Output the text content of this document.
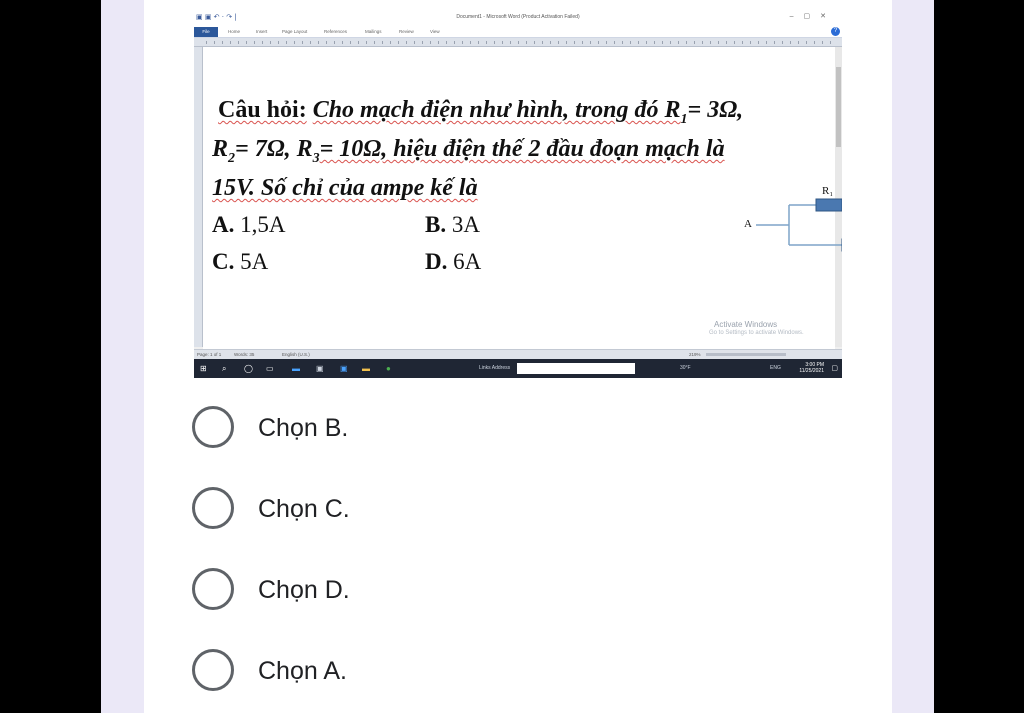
▣ ▣ ↶ · ↷ |	Document1 - Microsoft Word (Product Activation Failed)	–▢✕
File	Home	Insert	Page Layout	References	Mailings	Review	View	?
Câu hỏi: Cho mạch điện như hình, trong đó $R_1= 3\Omega$,
$R_2= 7\Omega$, $R_3= 10\Omega$, hiệu điện thế 2 đầu đoạn mạch là
15V. Số chỉ của ampe kế là
A. 1,5A	B. 3A
C. 5A	D. 6A
Activate Windows
Go to Settings to activate Windows.
A
R₁
Page: 1 of 1	Words: 35	English (U.S.)	219%
⊞ ⌕ ◯ ▭ ▬ ▣ ▣ ▬ ●	Links Address	30°F	ENG	3:00 PM
11/25/2021 ▢
Chọn B.
Chọn C.
Chọn D.
Chọn A.
